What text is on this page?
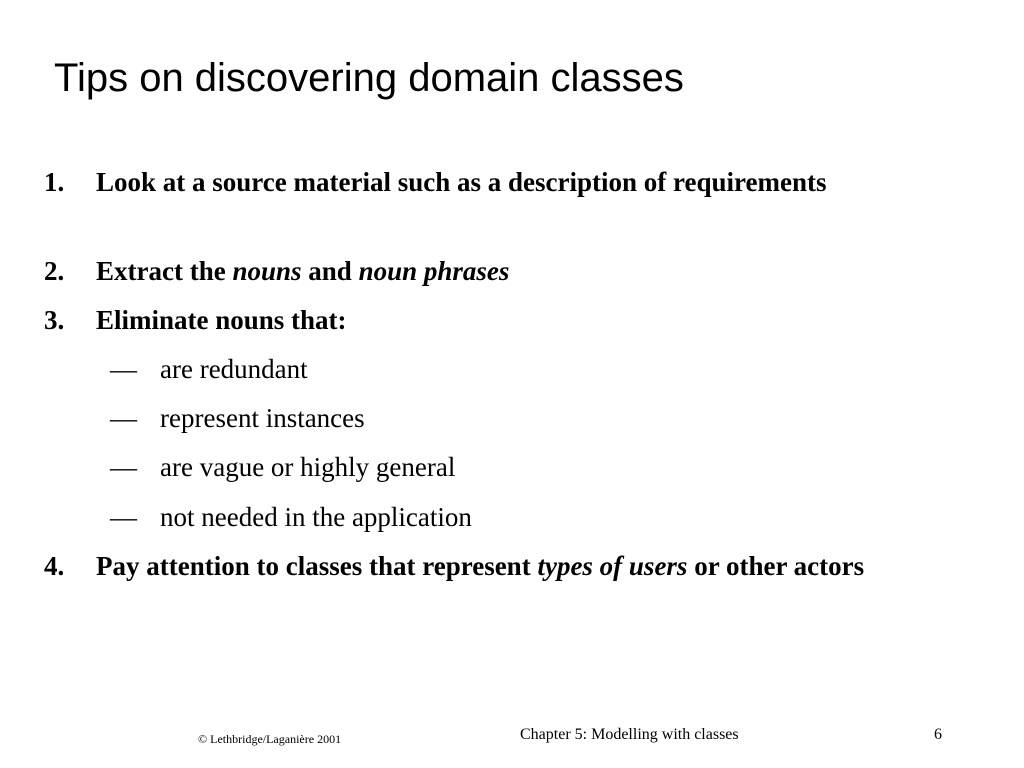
Tips on discovering domain classes
1. Look at a source material such as a description of requirements
2. Extract the nouns and noun phrases
3. Eliminate nouns that:
— are redundant
— represent instances
— are vague or highly general
— not needed in the application
4. Pay attention to classes that represent types of users or other actors
© Lethbridge/Laganière 2001	Chapter 5: Modelling with classes	6
